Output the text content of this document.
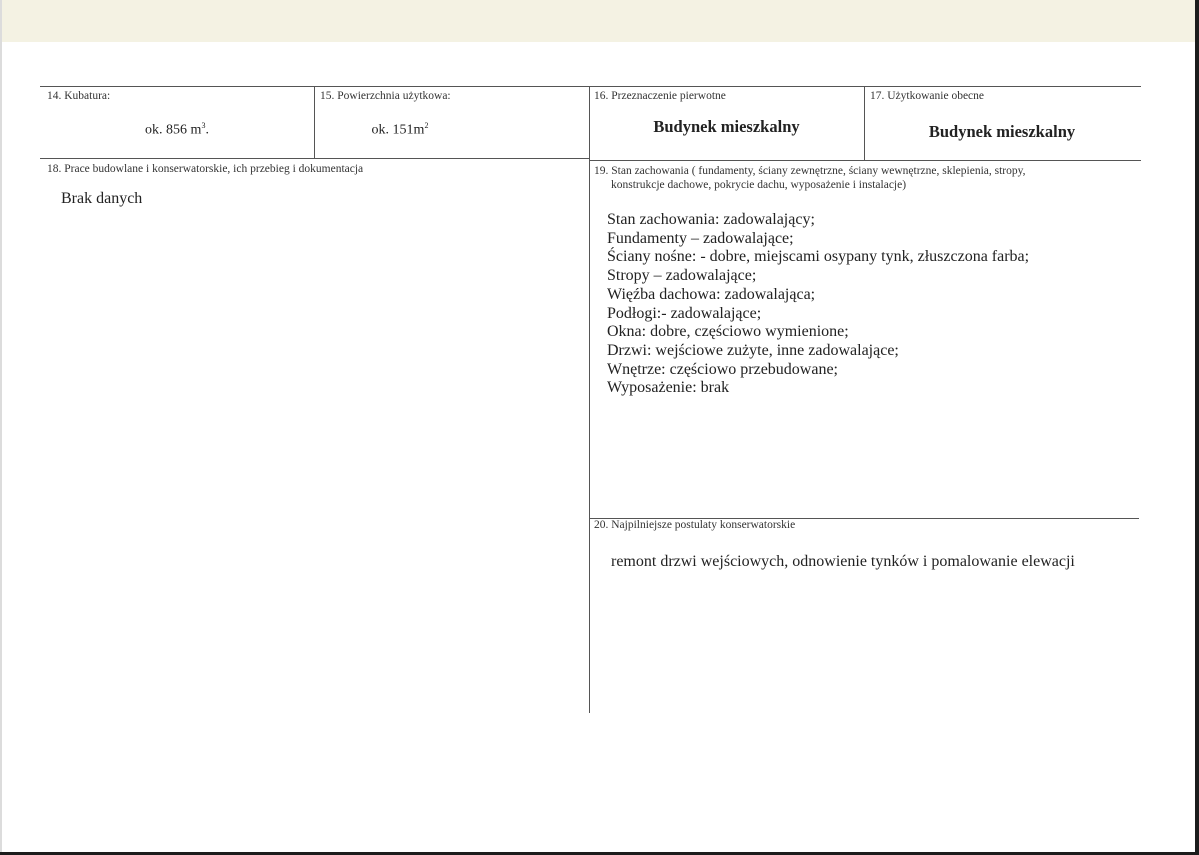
14. Kubatura:
ok. 856 $m^3$.
15. Powierzchnia użytkowa:
ok. $151m^2$
16. Przeznaczenie pierwotne
Budynek mieszkalny
17. Użytkowanie obecne
Budynek mieszkalny
18. Prace budowlane i konserwatorskie, ich przebieg i dokumentacja
Brak danych
19. Stan zachowania ( fundamenty, ściany zewnętrzne, ściany wewnętrzne, sklepienia, stropy,
konstrukcje dachowe, pokrycie dachu, wyposażenie i instalacje)
Stan zachowania: zadowalający;
Fundamenty – zadowalające;
Ściany nośne: - dobre, miejscami osypany tynk, złuszczona farba;
Stropy – zadowalające;
Więźba dachowa: zadowalająca;
Podłogi:- zadowalające;
Okna: dobre, częściowo wymienione;
Drzwi: wejściowe zużyte, inne zadowalające;
Wnętrze: częściowo przebudowane;
Wyposażenie: brak
20. Najpilniejsze postulaty konserwatorskie
remont drzwi wejściowych, odnowienie tynków i pomalowanie elewacji
